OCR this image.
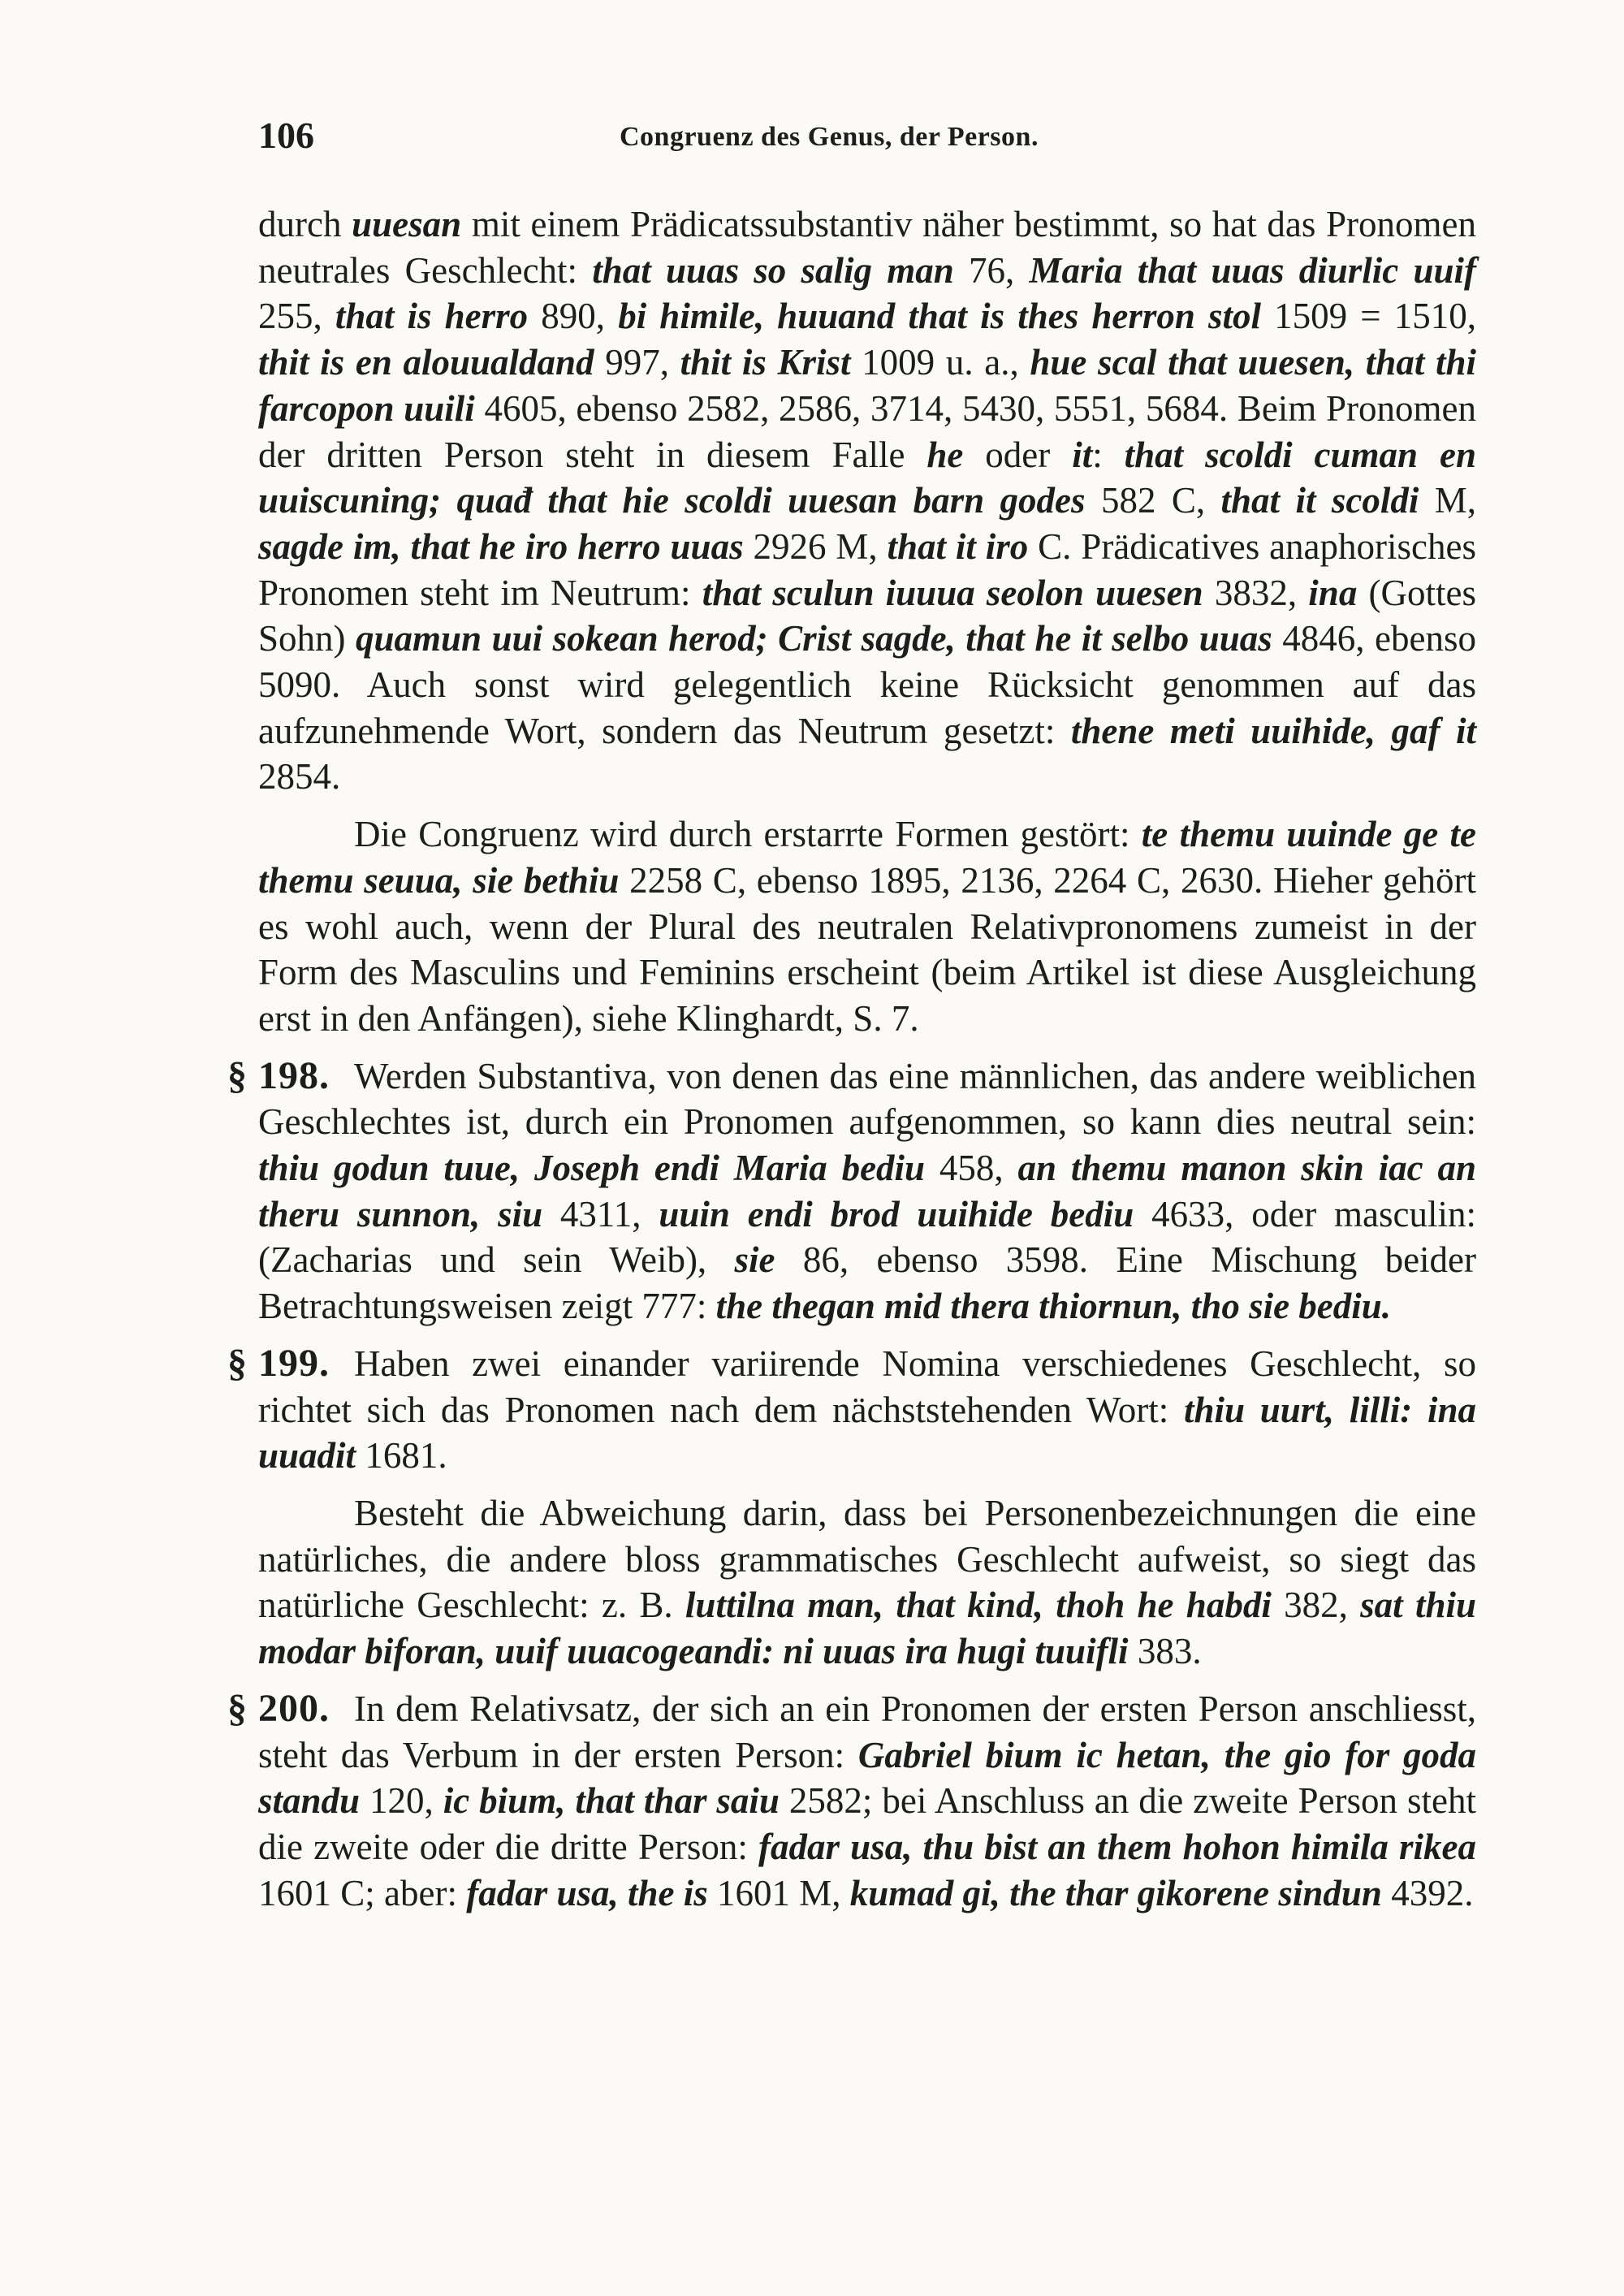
106	Congruenz des Genus, der Person.

durch uuesan mit einem Prädicatssubstantiv näher bestimmt, so hat das Pronomen neutrales Geschlecht: that uuas so salig man 76, Maria that uuas diurlic uuif 255, that is herro 890, bi himile, huuand that is thes herron stol 1509 = 1510, thit is en alouualdand 997, thit is Krist 1009 u. a., hue scal that uuesen, that thi farcopon uuili 4605, ebenso 2582, 2586, 3714, 5430, 5551, 5684. Beim Pronomen der dritten Person steht in diesem Falle he oder it: that scoldi cuman en uuiscuning; quađ that hie scoldi uuesan barn godes 582 C, that it scoldi M, sagde im, that he iro herro uuas 2926 M, that it iro C. Prädicatives anaphorisches Pronomen steht im Neutrum: that sculun iuuua seolon uuesen 3832, ina (Gottes Sohn) quamun uui sokean herod; Crist sagde, that he it selbo uuas 4846, ebenso 5090. Auch sonst wird gelegentlich keine Rücksicht genommen auf das aufzunehmende Wort, sondern das Neutrum gesetzt: thene meti uuihide, gaf it 2854.

Die Congruenz wird durch erstarrte Formen gestört: te themu uuinde ge te themu seuua, sie bethiu 2258 C, ebenso 1895, 2136, 2264 C, 2630. Hieher gehört es wohl auch, wenn der Plural des neutralen Relativpronomens zumeist in der Form des Masculins und Feminins erscheint (beim Artikel ist diese Ausgleichung erst in den Anfängen), siehe Klinghardt, S. 7.

§ 198. Werden Substantiva, von denen das eine männlichen, das andere weiblichen Geschlechtes ist, durch ein Pronomen aufgenommen, so kann dies neutral sein: thiu godun tuue, Joseph endi Maria bediu 458, an themu manon skin iac an theru sunnon, siu 4311, uuin endi brod uuihide bediu 4633, oder masculin: (Zacharias und sein Weib), sie 86, ebenso 3598. Eine Mischung beider Betrachtungsweisen zeigt 777: the thegan mid thera thiornun, tho sie bediu.

§ 199. Haben zwei einander variirende Nomina verschiedenes Geschlecht, so richtet sich das Pronomen nach dem nächststehenden Wort: thiu uurt, lilli: ina uuadit 1681.

Besteht die Abweichung darin, dass bei Personenbezeichnungen die eine natürliches, die andere bloss grammatisches Geschlecht aufweist, so siegt das natürliche Geschlecht: z. B. luttilna man, that kind, thoh he habdi 382, sat thiu modar biforan, uuif uuacogeandi: ni uuas ira hugi tuuifli 383.

§ 200. In dem Relativsatz, der sich an ein Pronomen der ersten Person anschliesst, steht das Verbum in der ersten Person: Gabriel bium ic hetan, the gio for goda standu 120, ic bium, that thar saiu 2582; bei Anschluss an die zweite Person steht die zweite oder die dritte Person: fadar usa, thu bist an them hohon himila rikea 1601 C; aber: fadar usa, the is 1601 M, kumad gi, the thar gikorene sindun 4392.
